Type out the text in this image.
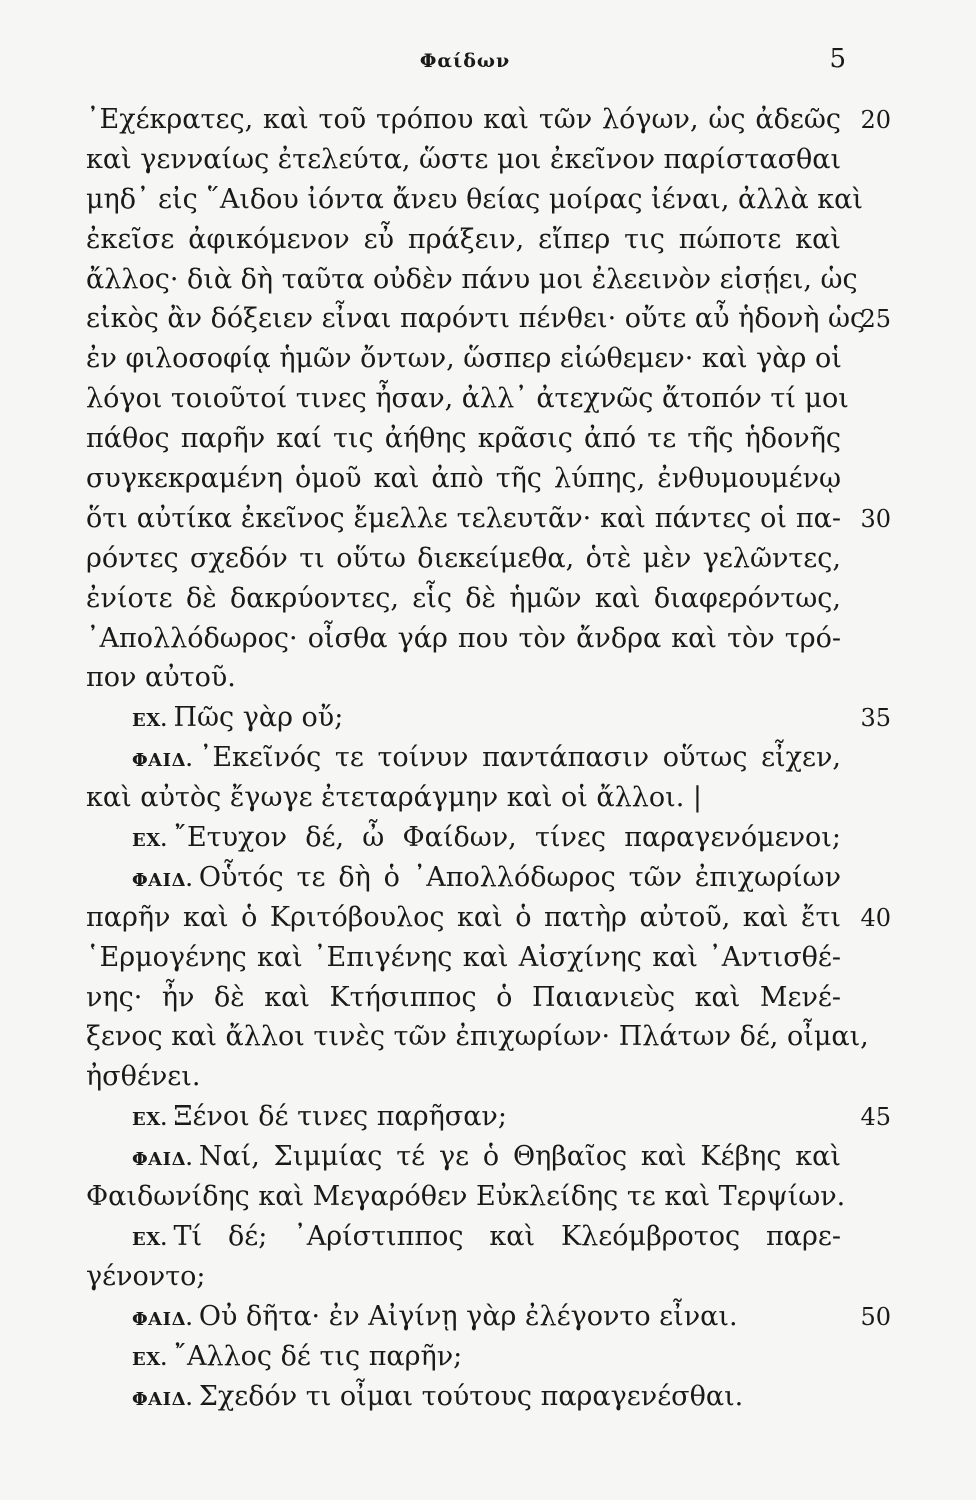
Φαίδων	5
᾿Εχέκρατες, καὶ τοῦ τρόπου καὶ τῶν λόγων, ὡς ἀδεῶς 20
καὶ γενναίως ἐτελεύτα, ὥστε μοι ἐκεῖνον παρίστασθαι
μηδ᾽ εἰς ῞Αιδου ἰόντα ἄνευ θείας μοίρας ἰέναι, ἀλλὰ καὶ
ἐκεῖσε ἀφικόμενον εὖ πράξειν, εἴπερ τις πώποτε καὶ
ἄλλος· διὰ δὴ ταῦτα οὐδὲν πάνυ μοι ἐλεεινὸν εἰσῄει, ὡς
εἰκὸς ἂν δόξειεν εἶναι παρόντι πένθει· οὔτε αὖ ἡδονὴ ὡς
25
ἐν φιλοσοφίᾳ ἡμῶν ὄντων, ὥσπερ εἰώθεμεν· καὶ γὰρ οἱ
λόγοι τοιοῦτοί τινες ἦσαν, ἀλλ᾽ ἀτεχνῶς ἄτοπόν τί μοι
πάθος παρῆν καί τις ἀήθης κρᾶσις ἀπό τε τῆς ἡδονῆς
συγκεκραμένη ὁμοῦ καὶ ἀπὸ τῆς λύπης, ἐνθυμουμένῳ
ὅτι αὐτίκα ἐκεῖνος ἔμελλε τελευτᾶν· καὶ πάντες οἱ πα- 30
ρόντες σχεδόν τι οὕτω διεκείμεθα, ὁτὲ μὲν γελῶντες,
ἐνίοτε δὲ δακρύοντες, εἷς δὲ ἡμῶν καὶ διαφερόντως,
᾿Απολλόδωρος· οἶσθα γάρ που τὸν ἄνδρα καὶ τὸν τρό-
πον αὐτοῦ.
ΕΧ. Πῶς γὰρ οὔ;	35
ΦΑΙΔ. ᾿Εκεῖνός τε τοίνυν παντάπασιν οὕτως εἶχεν,
καὶ αὐτὸς ἔγωγε ἐτεταράγμην καὶ οἱ ἄλλοι. |
ΕΧ. ῎Ετυχον δέ, ὦ Φαίδων, τίνες παραγενόμενοι;
ΦΑΙΔ. Οὗτός τε δὴ ὁ ᾿Απολλόδωρος τῶν ἐπιχωρίων
παρῆν καὶ ὁ Κριτόβουλος καὶ ὁ πατὴρ αὐτοῦ, καὶ ἔτι 40
῾Ερμογένης καὶ ᾿Επιγένης καὶ Αἰσχίνης καὶ ᾿Αντισθέ-
νης· ἦν δὲ καὶ Κτήσιππος ὁ Παιανιεὺς καὶ Μενέ-
ξενος καὶ ἄλλοι τινὲς τῶν ἐπιχωρίων· Πλάτων δέ, οἶμαι,
ἠσθένει.
ΕΧ. Ξένοι δέ τινες παρῆσαν;	45
ΦΑΙΔ. Ναί, Σιμμίας τέ γε ὁ Θηβαῖος καὶ Κέβης καὶ
Φαιδωνίδης καὶ Μεγαρόθεν Εὐκλείδης τε καὶ Τερψίων.
ΕΧ. Τί δέ; ᾿Αρίστιππος καὶ Κλεόμβροτος παρε-
γένοντο;
ΦΑΙΔ. Οὐ δῆτα· ἐν Αἰγίνῃ γὰρ ἐλέγοντο εἶναι.	50
ΕΧ. ῎Αλλος δέ τις παρῆν;
ΦΑΙΔ. Σχεδόν τι οἶμαι τούτους παραγενέσθαι.
